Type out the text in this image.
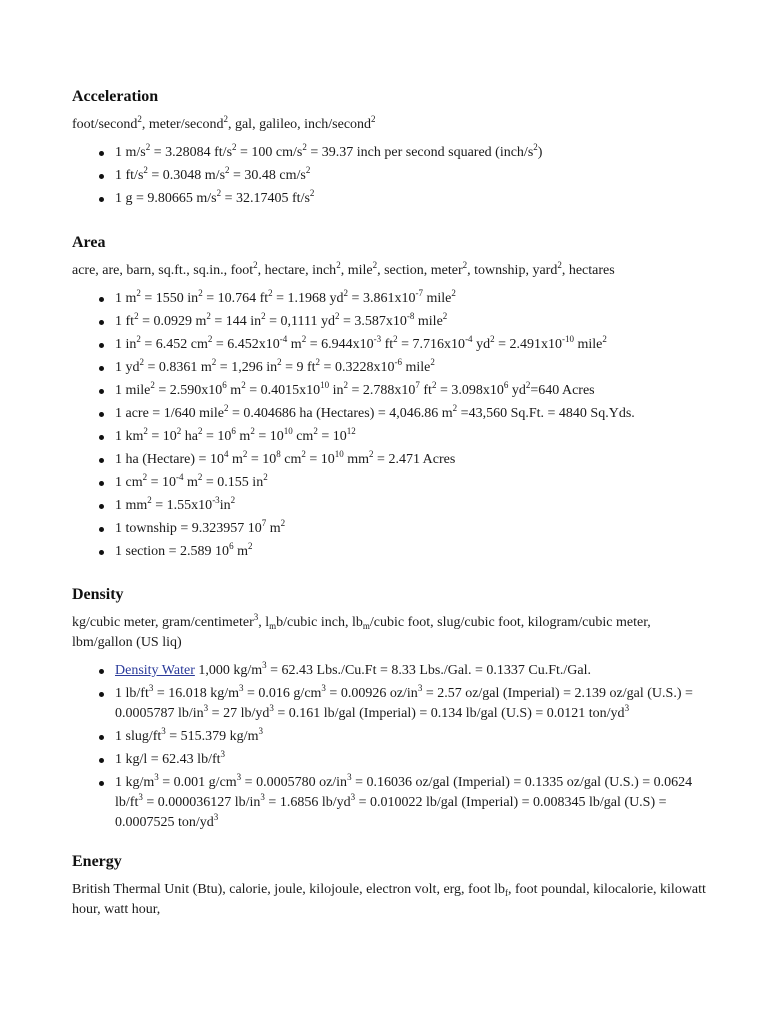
Acceleration

foot/second$^2$, meter/second$^2$, gal, galileo, inch/second$^2$

1 $m/s^2 = 3.28084$ $ft/s^2 = 100$ $cm/s^2 = 39.37$ inch per second squared $(inch/s^2)$
1 $ft/s^2 = 0.3048$ $m/s^2 = 30.48$ $cm/s^2$
1 g = 9.80665 $m/s^2 = 32.17405$ $ft/s^2$
Area

acre, are, barn, sq.ft., sq.in., foot$^2$, hectare, inch$^2$, mile$^2$, section, meter$^2$, township, yard$^2$, hectares

1 $m^2 = 1550$ $in^2 = 10.764$ $ft^2 = 1.1968$ $yd^2 = 3.861x10^{-7}$ mile$^2$
1 $ft^2 = 0.0929$ $m^2 = 144$ $in^2 = 0,1111$ $yd^2 = 3.587x10^{-8}$ mile$^2$
1 $in^2 = 6.452$ $cm^2 = 6.452x10^{-4}$ $m^2 = 6.944x10^{-3}$ $ft^2 = 7.716x10^{-4}$ $yd^2 = 2.491x10^{-10}$ mile$^2$
1 $yd^2 = 0.8361$ $m^2 = 1,296$ $in^2 = 9$ $ft^2 = 0.3228x10^{-6}$ mile$^2$
1 mile$^2$ = $2.590x10^6$ $m^2 = 0.4015x10^{10}$ $in^2 = 2.788x10^7$ $ft^2 = 3.098x10^6$ $yd^2=640$ Acres
1 acre = 1/640 mile$^2$ = 0.404686 ha (Hectares) = 4,046.86 $m^2 =43,560$ Sq.Ft. = 4840 Sq.Yds.
1 $km^2 = 10^2$ $ha^2 = 10^6$ $m^2 = 10^{10}$ $cm^2 = 10^{12}$
1 ha (Hectare) = $10^4$ $m^2 = 10^8$ $cm^2 = 10^{10}$ $mm^2 = 2.471$ Acres
1 $cm^2 = 10^{-4}$ $m^2 = 0.155$ $in^2$
1 $mm^2 = 1.55x10^{-3}in^2$
1 township = 9.323957 $10^7$ $m^2$
1 section = 2.589 $10^6$ $m^2$
Density

kg/cubic meter, gram/centimeter$^3$, $l_mb$/cubic inch, $lb_m$/cubic foot, slug/cubic foot, kilogram/cubic meter, lbm/gallon (US liq)

Density Water 1,000 $kg/m^3 = 62.43$ Lbs./Cu.Ft = 8.33 Lbs./Gal. = 0.1337 Cu.Ft./Gal.
1 $lb/ft^3 = 16.018$ $kg/m^3 = 0.016$ $g/cm^3 = 0.00926$ $oz/in^3 = 2.57$ oz/gal (Imperial) = 2.139 oz/gal (U.S.) = 0.0005787 $lb/in^3 = 27$ $lb/yd^3 = 0.161$ lb/gal (Imperial) = 0.134 lb/gal (U.S) = 0.0121 ton/$yd^3$
1 slug/$ft^3 = 515.379$ $kg/m^3$
1 kg/l = 62.43 $lb/ft^3$
1 $kg/m^3 = 0.001$ $g/cm^3 = 0.0005780$ $oz/in^3 = 0.16036$ oz/gal (Imperial) = 0.1335 oz/gal (U.S.) = 0.0624 $lb/ft^3 = 0.000036127$ $lb/in^3 = 1.6856$ $lb/yd^3 = 0.010022$ lb/gal (Imperial) = 0.008345 lb/gal (U.S) = 0.0007525 ton/$yd^3$
Energy

British Thermal Unit (Btu), calorie, joule, kilojoule, electron volt, erg, foot $lb_f$, foot poundal, kilocalorie, kilowatt hour, watt hour,
